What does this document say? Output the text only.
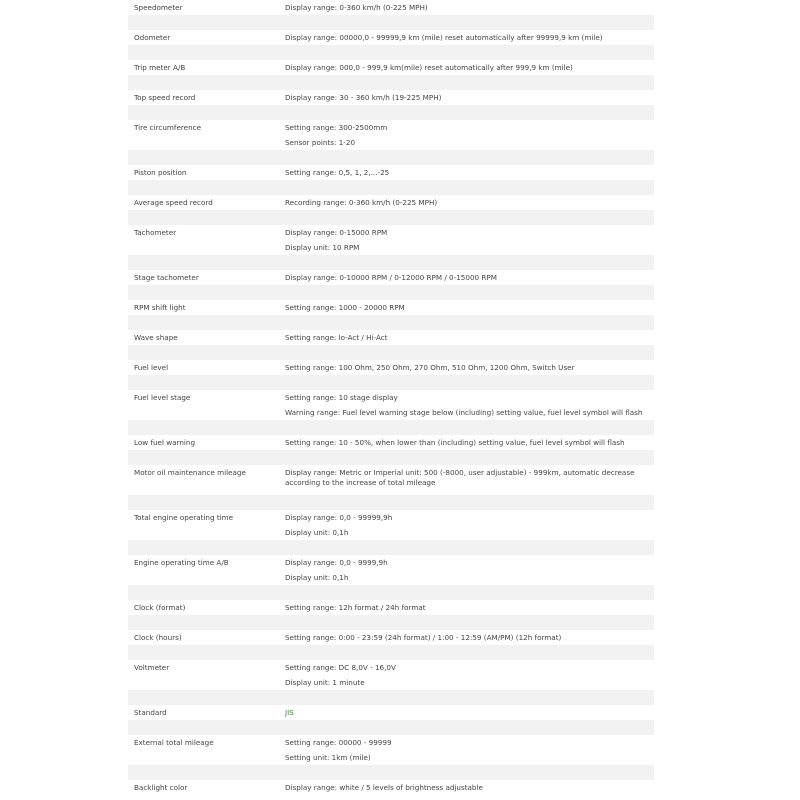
Speedometer	Display range: 0-360 km/h (0-225 MPH)
Odometer	Display range: 00000,0 - 99999,9 km (mile) reset automatically after 99999,9 km (mile)
Trip meter A/B	Display range: 000,0 - 999,9 km(mile) reset automatically after 999,9 km (mile)
Top speed record	Display range: 30 - 360 km/h (19-225 MPH)
Tire circumference	Setting range: 300-2500mm
Sensor points: 1-20
Piston position	Setting range: 0,5, 1, 2,...-25
Average speed record	Recording range: 0-360 km/h (0-225 MPH)
Tachometer	Display range: 0-15000 RPM
Display unit: 10 RPM
Stage tachometer	Display range: 0-10000 RPM / 0-12000 RPM / 0-15000 RPM
RPM shift light	Setting range: 1000 - 20000 RPM
Wave shape	Setting range: lo-Act / Hi-Act
Fuel level	Setting range: 100 Ohm, 250 Ohm, 270 Ohm, 510 Ohm, 1200 Ohm, Switch User
Fuel level stage	Setting range: 10 stage display
Warning range: Fuel level warning stage below (including) setting value, fuel level symbol will flash
Low fuel warning	Setting range: 10 - 50%, when lower than (including) setting value, fuel level symbol will flash
Motor oil maintenance mileage	Display range: Metric or Imperial unit: 500 (-8000, user adjustable) - 999km, automatic decrease according to the increase of total mileage
Total engine operating time	Display range: 0,0 - 99999,9h
Display unit: 0,1h
Engine operating time A/B	Display range: 0,0 - 9999,9h
Display unit: 0,1h
Clock (format)	Setting range: 12h format / 24h format
Clock (hours)	Setting range: 0:00 - 23:59 (24h format) / 1:00 - 12:59 (AM/PM) (12h format)
Voltmeter	Setting range: DC 8,0V - 16,0V
Display unit: 1 minute
Standard	JIS
External total mileage	Setting range: 00000 - 99999
Setting unit: 1km (mile)
Backlight color	Display range: white / 5 levels of brightness adjustable
